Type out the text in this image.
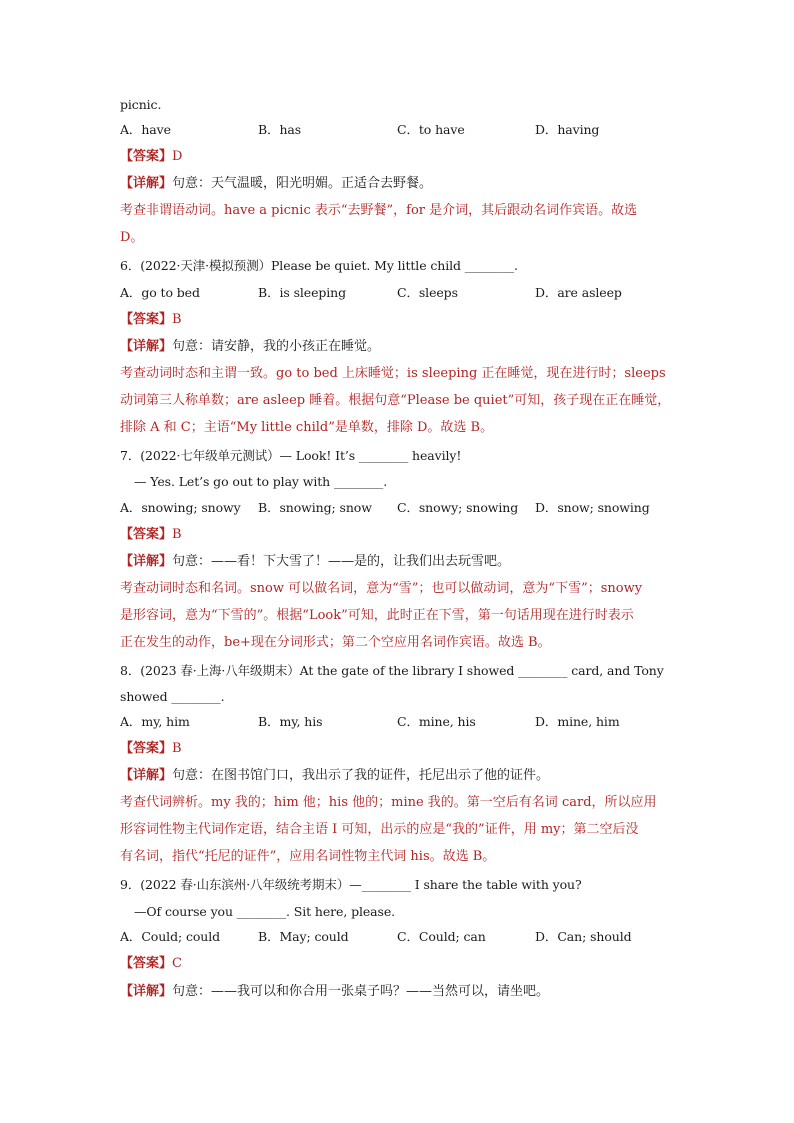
picnic.
A．have	B．has	C．to have	D．having
【答案】D
【详解】句意：天气温暖，阳光明媚。正适合去野餐。
考查非谓语动词。have a picnic 表示“去野餐”，for 是介词，其后跟动名词作宾语。故选
D。
6．(2022·天津·模拟预测）Please be quiet. My little child ________.
A．go to bed	B．is sleeping	C．sleeps	D．are asleep
【答案】B
【详解】句意：请安静，我的小孩正在睡觉。
考查动词时态和主谓一致。go to bed 上床睡觉；is sleeping 正在睡觉，现在进行时；sleeps
动词第三人称单数；are asleep 睡着。根据句意“Please be quiet”可知，孩子现在正在睡觉，
排除 A 和 C；主语“My little child”是单数，排除 D。故选 B。
7．(2022·七年级单元测试）— Look! It’s ________ heavily!
— Yes. Let’s go out to play with ________.
A．snowing; snowy B．snowing; snow C．snowy; snowing D．snow; snowing
【答案】B
【详解】句意：——看！下大雪了！——是的，让我们出去玩雪吧。
考查动词时态和名词。snow 可以做名词，意为“雪”；也可以做动词，意为“下雪”；snowy
是形容词，意为“下雪的”。根据“Look”可知，此时正在下雪，第一句话用现在进行时表示
正在发生的动作，be+现在分词形式；第二个空应用名词作宾语。故选 B。
8．(2023 春·上海·八年级期末）At the gate of the library I showed ________ card, and Tony
showed ________.
A．my, him	B．my, his	C．mine, his	D．mine, him
【答案】B
【详解】句意：在图书馆门口，我出示了我的证件，托尼出示了他的证件。
考查代词辨析。my 我的；him 他；his 他的；mine 我的。第一空后有名词 card，所以应用
形容词性物主代词作定语，结合主语 I 可知，出示的应是“我的”证件，用 my；第二空后没
有名词，指代“托尼的证件”，应用名词性物主代词 his。故选 B。
9．(2022 春·山东滨州·八年级统考期末）—________ I share the table with you?
—Of course you ________. Sit here, please.
A．Could; could	B．May; could	C．Could; can	D．Can; should
【答案】C
【详解】句意：——我可以和你合用一张桌子吗？——当然可以，请坐吧。
